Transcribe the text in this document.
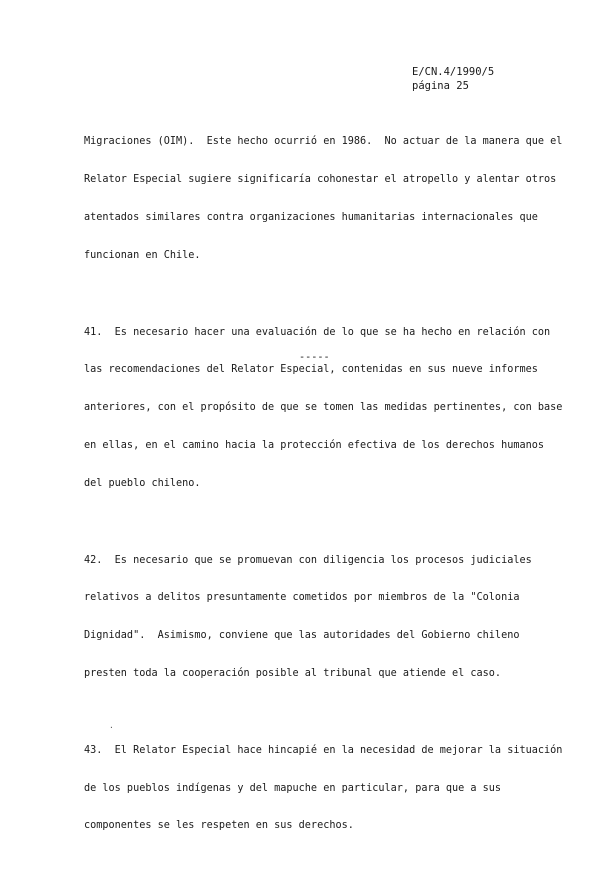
E/CN.4/1990/5
página 25

Migraciones (OIM).  Este hecho ocurrió en 1986.  No actuar de la manera que el

Relator Especial sugiere significaría cohonestar el atropello y alentar otros

atentados similares contra organizaciones humanitarias internacionales que

funcionan en Chile.

41.  Es necesario hacer una evaluación de lo que se ha hecho en relación con

las recomendaciones del Relator Especial, contenidas en sus nueve informes

anteriores, con el propósito de que se tomen las medidas pertinentes, con base

en ellas, en el camino hacia la protección efectiva de los derechos humanos

del pueblo chileno.

42.  Es necesario que se promuevan con diligencia los procesos judiciales

relativos a delitos presuntamente cometidos por miembros de la "Colonia

Dignidad".  Asimismo, conviene que las autoridades del Gobierno chileno

presten toda la cooperación posible al tribunal que atiende el caso.

43.  El Relator Especial hace hincapié en la necesidad de mejorar la situación

de los pueblos indígenas y del mapuche en particular, para que a sus

componentes se les respeten en sus derechos.

-----
.
